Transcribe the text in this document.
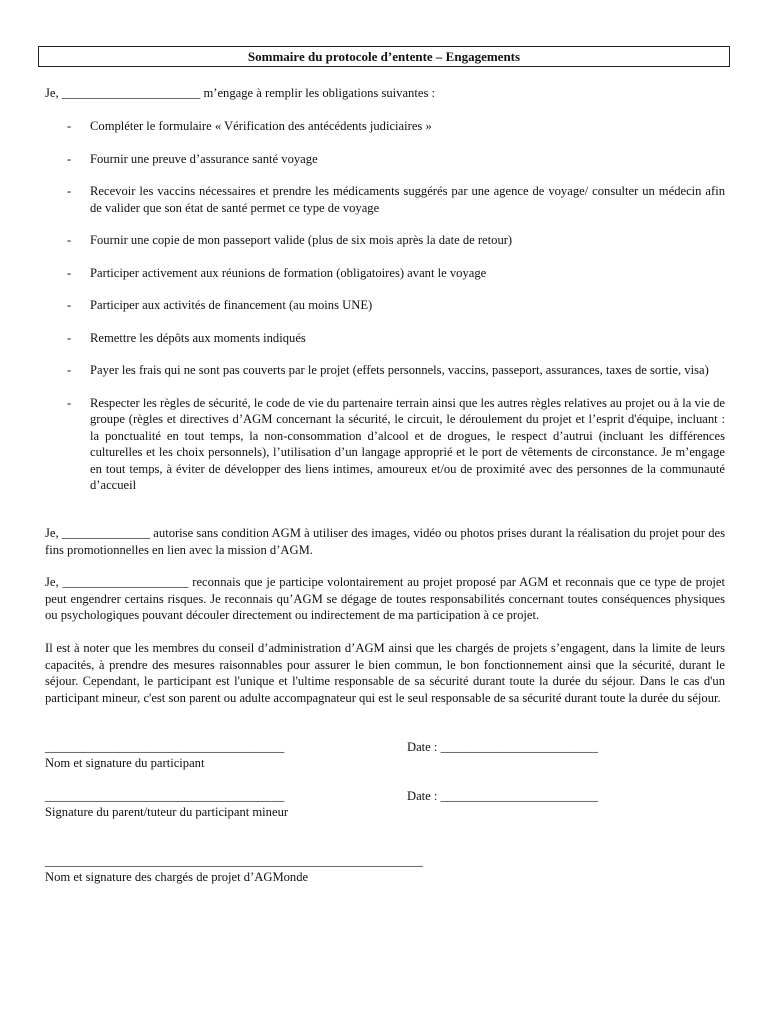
Sommaire du protocole d’entente – Engagements
Je, ______________________ m’engage à remplir les obligations suivantes :
- Compléter le formulaire « Vérification des antécédents judiciaires »
- Fournir une preuve d’assurance santé voyage
- Recevoir les vaccins nécessaires et prendre les médicaments suggérés par une agence de voyage/ consulter un médecin afin de valider que son état de santé permet ce type de voyage
- Fournir une copie de mon passeport valide (plus de six mois après la date de retour)
- Participer activement aux réunions de formation (obligatoires) avant le voyage
- Participer aux activités de financement (au moins UNE)
- Remettre les dépôts aux moments indiqués
- Payer les frais qui ne sont pas couverts par le projet (effets personnels, vaccins, passeport, assurances, taxes de sortie, visa)
- Respecter les règles de sécurité, le code de vie du partenaire terrain ainsi que les autres règles relatives au projet ou à la vie de groupe (règles et directives d’AGM concernant la sécurité, le circuit, le déroulement du projet et l’esprit d'équipe, incluant : la ponctualité en tout temps, la non-consommation d’alcool et de drogues, le respect d’autrui (incluant les différences culturelles et les choix personnels), l’utilisation d’un langage approprié et le port de vêtements de circonstance. Je m’engage en tout temps, à éviter de développer des liens intimes, amoureux et/ou de proximité avec des personnes de la communauté d’accueil

Je, ______________ autorise sans condition AGM à utiliser des images, vidéo ou photos prises durant la réalisation du projet pour des fins promotionnelles en lien avec la mission d’AGM.

Je, ____________________ reconnais que je participe volontairement au projet proposé par AGM et reconnais que ce type de projet peut engendrer certains risques. Je reconnais qu’AGM se dégage de toutes responsabilités concernant toutes conséquences physiques ou psychologiques pouvant découler directement ou indirectement de ma participation à ce projet.

Il est à noter que les membres du conseil d’administration d’AGM ainsi que les chargés de projets s’engagent, dans la limite de leurs capacités, à prendre des mesures raisonnables pour assurer le bien commun, le bon fonctionnement ainsi que la sécurité, durant le séjour. Cependant, le participant est l'unique et l'ultime responsable de sa sécurité durant toute la durée du séjour. Dans le cas d'un participant mineur, c'est son parent ou adulte accompagnateur qui est le seul responsable de sa sécurité durant toute la durée du séjour.

______________________________________	Date : _________________________
Nom et signature du participant
______________________________________	Date : _________________________
Signature du parent/tuteur du participant mineur
____________________________________________________________
Nom et signature des chargés de projet d’AGMonde
